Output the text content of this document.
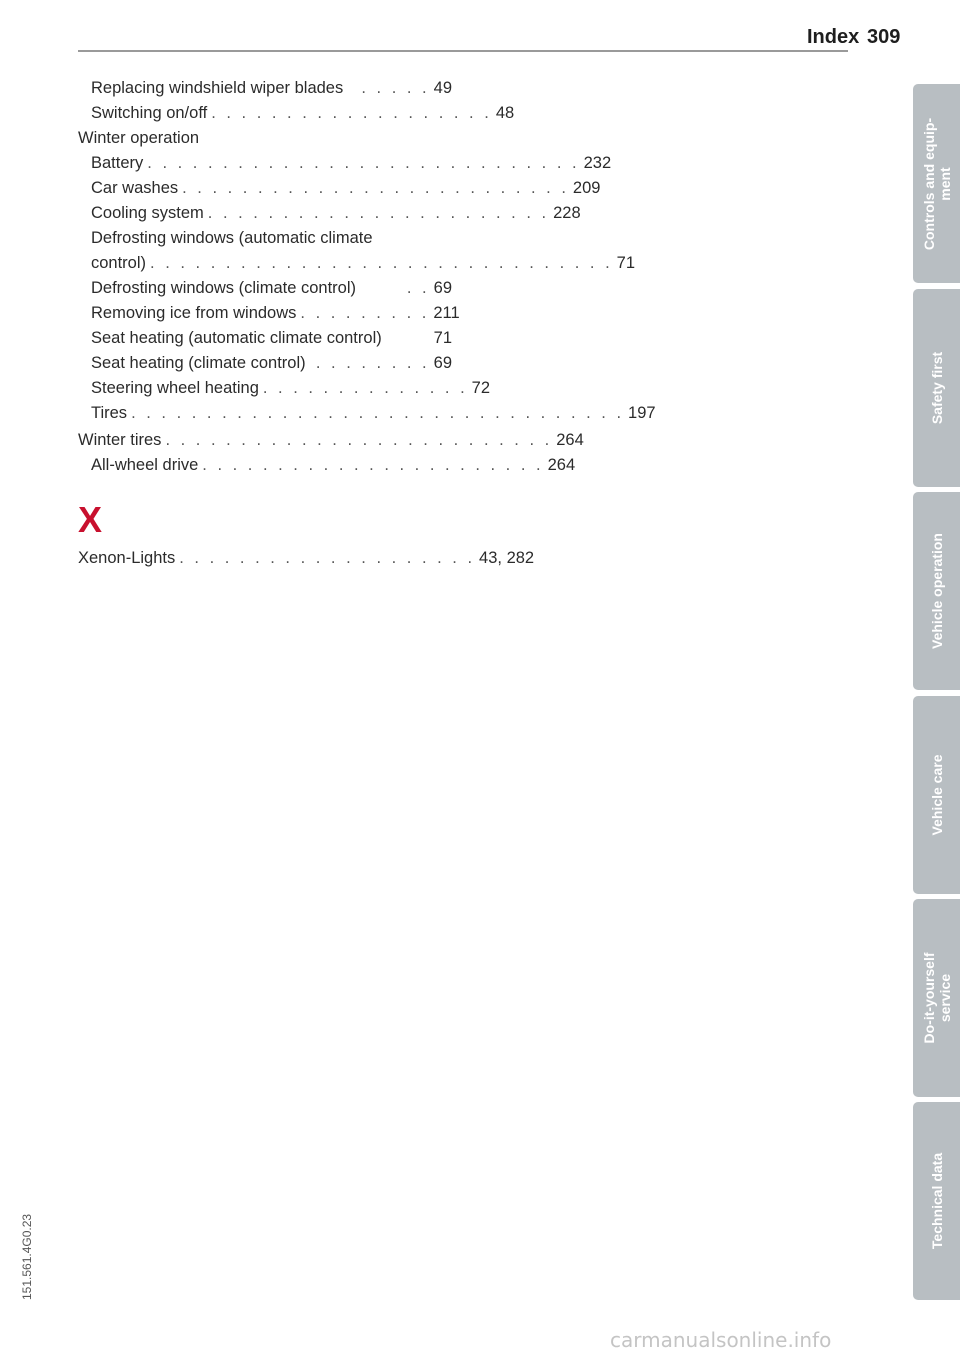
Index 309
Replacing windshield wiper blades	. . . . . 49
Switching on/off . . . . . . . . . . . . . . . . . . . 48
Winter operation
Battery . . . . . . . . . . . . . . . . . . . . . . . . . . . . . 232
Car washes . . . . . . . . . . . . . . . . . . . . . . . . . . 209
Cooling system . . . . . . . . . . . . . . . . . . . . . . . 228
Defrosting windows (automatic climate
control) . . . . . . . . . . . . . . . . . . . . . . . . . . . . . . . 71
Defrosting windows (climate control)	. . 69
Removing ice from windows . . . . . . . . . 211
Seat heating (automatic climate control)	71
Seat heating (climate control) . . . . . . . . 69
Steering wheel heating . . . . . . . . . . . . . . 72
Tires . . . . . . . . . . . . . . . . . . . . . . . . . . . . . . . . . 197
Winter tires . . . . . . . . . . . . . . . . . . . . . . . . . . 264
All-wheel drive . . . . . . . . . . . . . . . . . . . . . . . 264
X
Xenon-Lights . . . . . . . . . . . . . . . . . . . . 43, 282
Controls and equip-
ment
Safety first
Vehicle operation
Vehicle care
Do-it-yourself
service
Technical data
151.561.4G0.23
carmanualsonline.info
